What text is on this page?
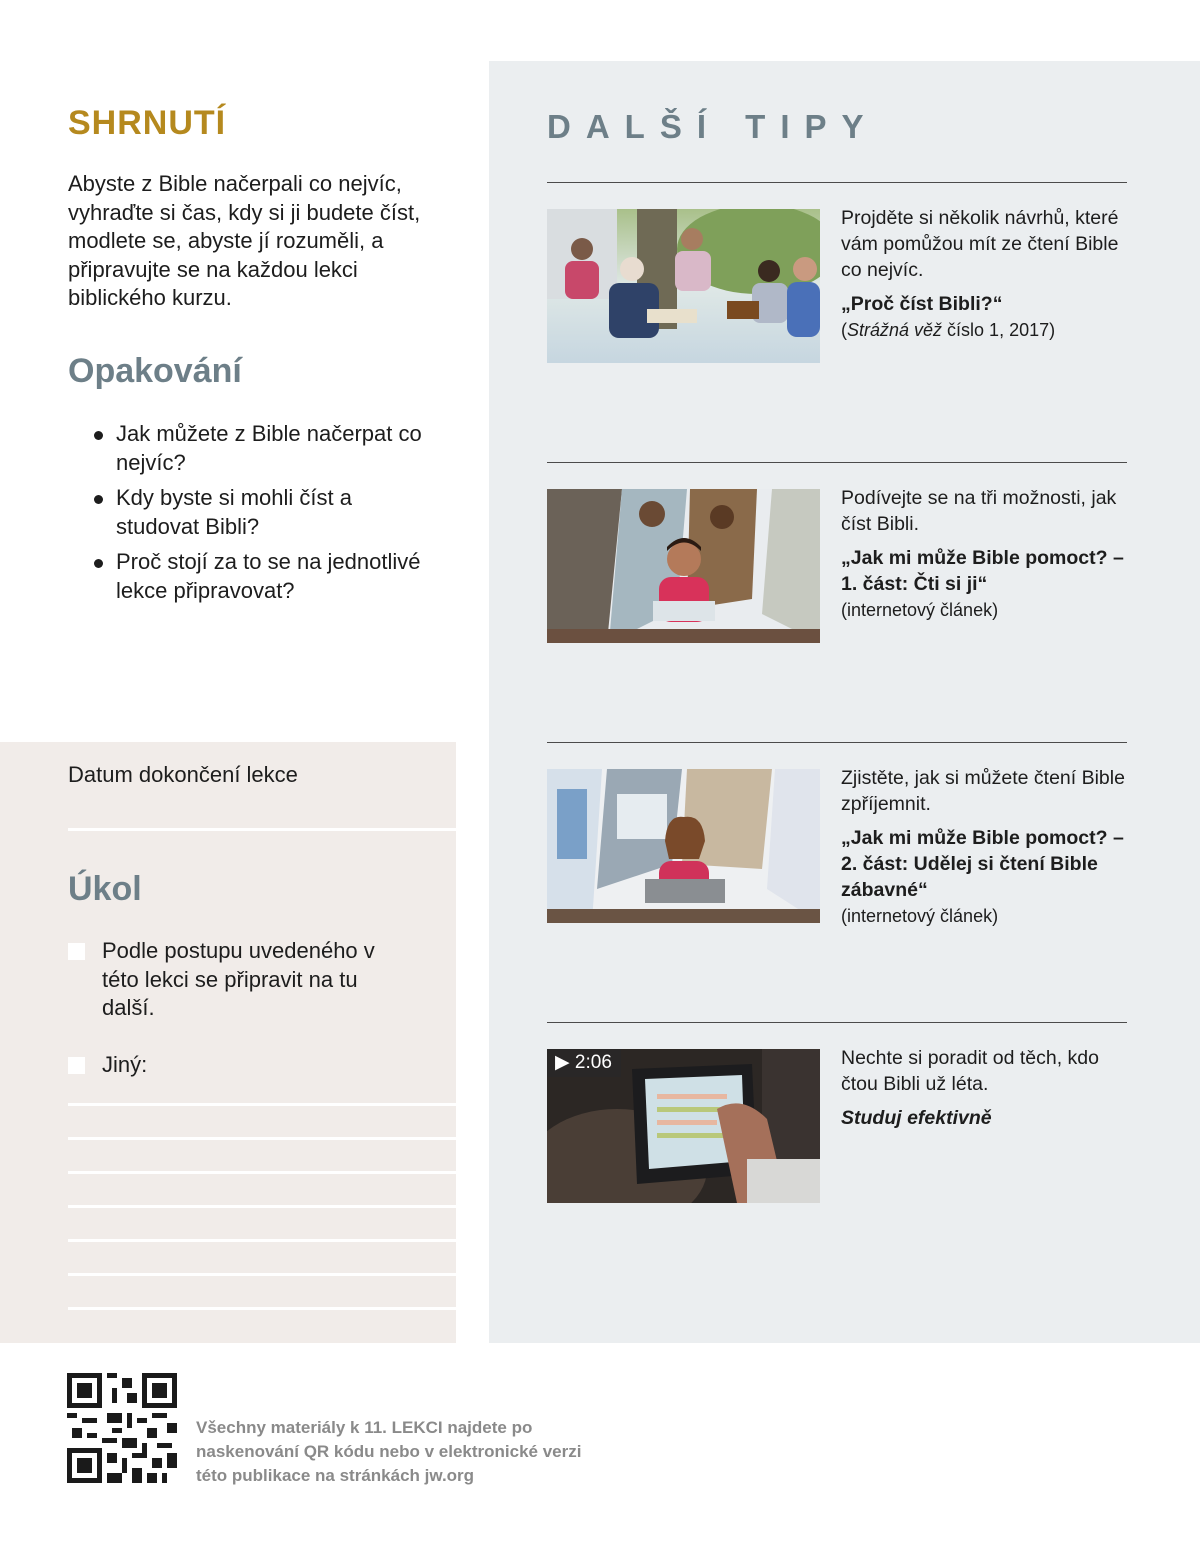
SHRNUTÍ

Abyste z Bible načerpali co nejvíc, vyhraďte si čas, kdy si ji budete číst, modlete se, abyste jí rozuměli, a připravujte se na každou lekci biblického kurzu.

Opakování
Jak můžete z Bible načerpat co nejvíc?
Kdy byste si mohli číst a studovat Bibli?
Proč stojí za to se na jednotlivé lekce připravovat?
Datum dokončení lekce
Úkol
Podle postupu uvedeného v této lekci se připravit na tu další.
Jiný:
DALŠÍ TIPY
Projděte si několik návrhů, které vám pomůžou mít ze čtení Bible co nejvíc.
„Proč číst Bibli?“
(Strážná věž číslo 1, 2017)
Podívejte se na tři možnosti, jak číst Bibli.
„Jak mi může Bible pomoct? – 1. část: Čti si ji“
(internetový článek)
Zjistěte, jak si můžete čtení Bible zpříjemnit.
„Jak mi může Bible pomoct? – 2. část: Udělej si čtení Bible zábavné“
(internetový článek)
▶ 2:06	Nechte si poradit od těch, kdo čtou Bibli už léta.
Studuj efektivně

Všechny materiály k 11. LEKCI najdete po naskenování QR kódu nebo v elektronické verzi této publikace na stránkách jw.org
